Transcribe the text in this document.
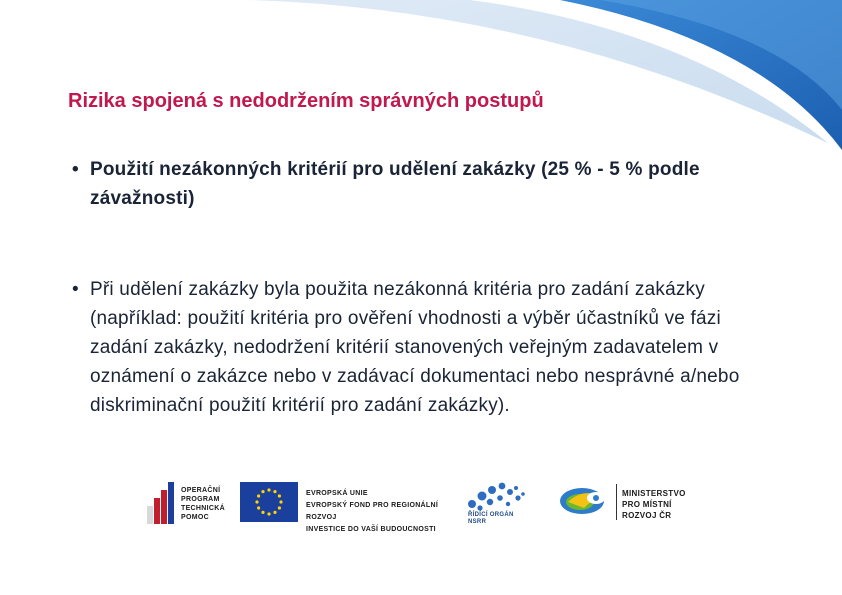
Rizika spojená s nedodržením správných postupů
• Použití nezákonných kritérií pro udělení zakázky (25 % - 5 % podle závažnosti)
• Při udělení zakázky byla použita nezákonná kritéria pro zadání zakázky (například: použití kritéria pro ověření vhodnosti a výběr účastníků ve fázi zadání zakázky, nedodržení kritérií stanovených veřejným zadavatelem v oznámení o zakázce nebo v zadávací dokumentaci nebo nesprávné a/nebo diskriminační použití kritérií pro zadání zakázky).
OPERAČNÍ
PROGRAM
TECHNICKÁ
POMOC
EVROPSKÁ UNIE
EVROPSKÝ FOND PRO REGIONÁLNÍ ROZVOJ
INVESTICE DO VAŠÍ BUDOUCNOSTI
ŘÍDÍCÍ ORGÁN
NSRR
MINISTERSTVO
PRO MÍSTNÍ
ROZVOJ ČR
